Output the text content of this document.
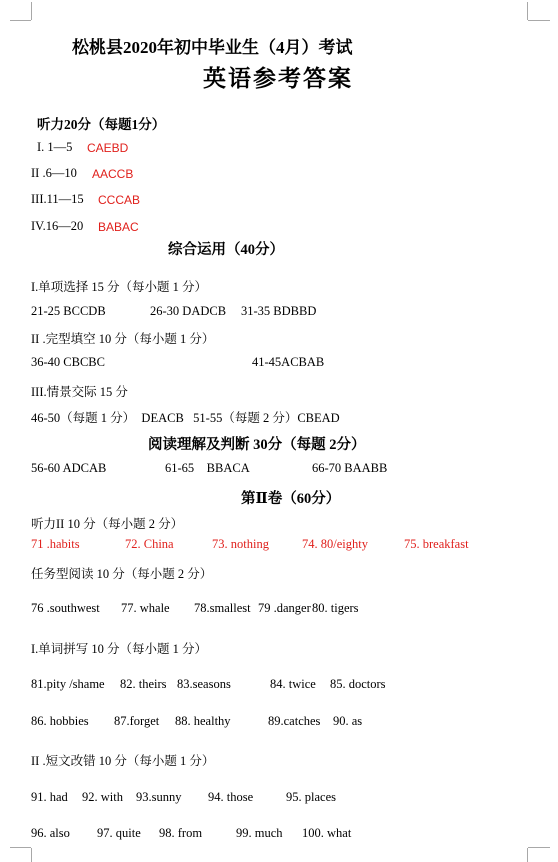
松桃县2020年初中毕业生（4月）考试
英语参考答案
听力20分（每题1分）
I. 1—5 CAEBD
II .6—10 AACCB
III.11—15 CCCAB
IV.16—20 BABAC
综合运用（40分）
I.单项选择 15 分（每小题 1 分）
21-25 BCCDB	26-30 DADCB 31-35 BDBBD
II .完型填空 10 分（每小题 1 分）
36-40 CBCBC	41-45ACBAB
III.情景交际 15 分
46-50（每题 1 分）  DEACB   51-55（每题 2 分）CBEAD
阅读理解及判断 30分（每题 2分）
56-60 ADCAB	61-65    BBACA	66-70 BAABB
第Ⅱ卷（60分）
听力II 10 分（每小题 2 分）
71 .habits	72. China	73. nothing	74. 80/eighty	75. breakfast
任务型阅读 10 分（每小题 2 分）
76 .southwest 77. whale 78.smallest 79 .danger 80. tigers
I.单词拼写 10 分（每小题 1 分）
81.pity /shame 82. theirs 83.seasons	84. twice 85. doctors
86. hobbies 87.forget 88. healthy	89.catches 90. as
II .短文改错 10 分（每小题 1 分）
91. had 92. with 93.sunny 94. those	95. places
96. also 97. quite 98. from	99. much 100. what
